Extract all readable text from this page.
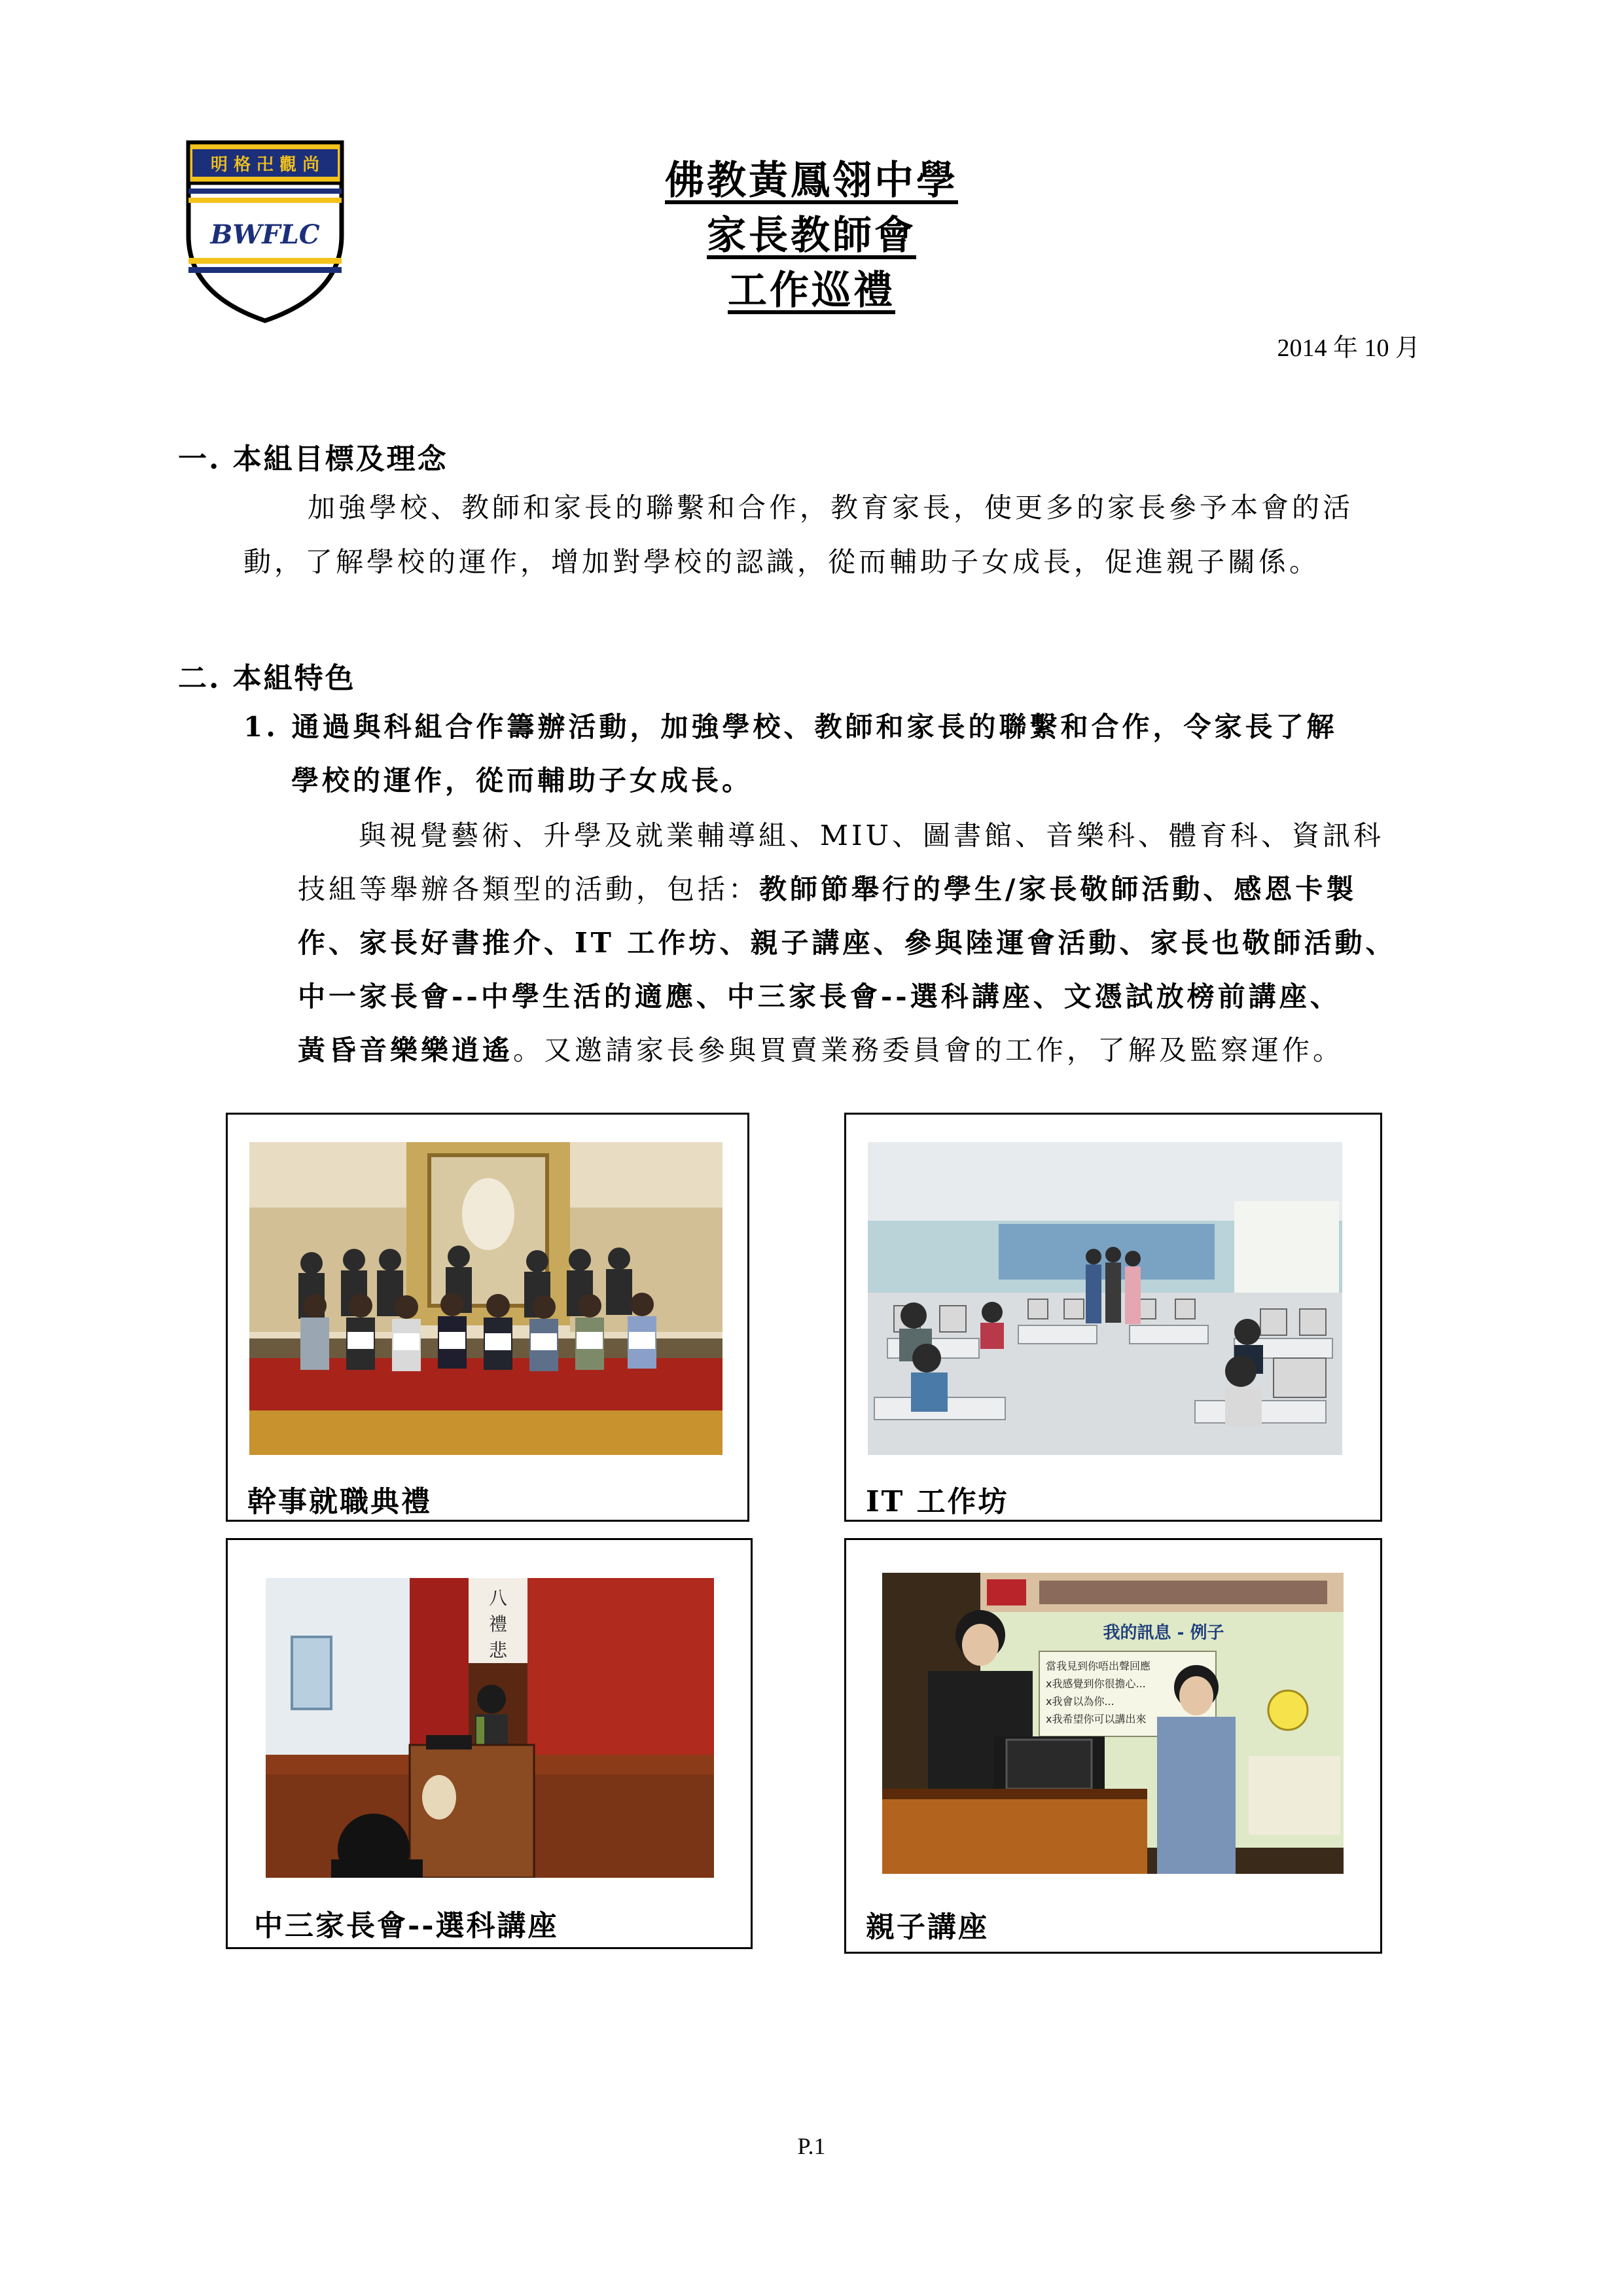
明 格 卍 觀 尚
BWFLC
佛教黃鳳翎中學
家長教師會
工作巡禮
2014 年 10 月
一. 本組目標及理念
加強學校、教師和家長的聯繫和合作，教育家長，使更多的家長參予本會的活
動，了解學校的運作，增加對學校的認識，從而輔助子女成長，促進親子關係。
二. 本組特色
1. 通過與科組合作籌辦活動，加強學校、教師和家長的聯繫和合作，令家長了解
學校的運作，從而輔助子女成長。
與視覺藝術、升學及就業輔導組、MIU、圖書館、音樂科、體育科、資訊科
技組等舉辦各類型的活動，包括：教師節舉行的學生/家長敬師活動、感恩卡製
作、家長好書推介、IT 工作坊、親子講座、參與陸運會活動、家長也敬師活動、
中一家長會--中學生活的適應、中三家長會--選科講座、文憑試放榜前講座、
黃昏音樂樂逍遙。又邀請家長參與買賣業務委員會的工作，了解及監察運作。
幹事就職典禮	IT 工作坊
八
禮
悲
中三家長會--選科講座
我的訊息 - 例子
當我見到你唔出聲回應
x我感覺到你很擔心...
x我會以為你...
x我希望你可以講出來
親子講座
P.1
